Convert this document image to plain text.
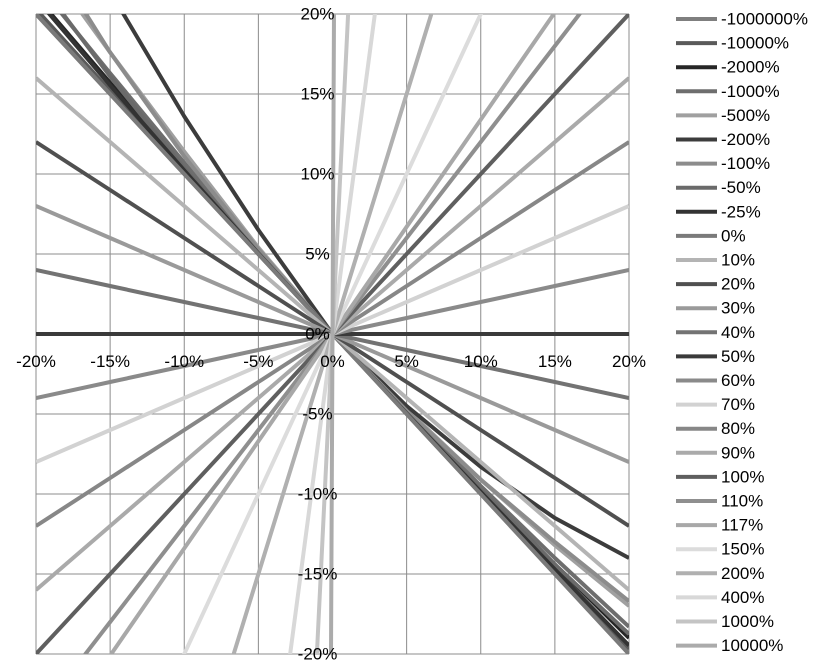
-20% -15% -10% -5%	0%	5%	10% 15% 20%
-20%
-15%
-10%
-5%
0%
5%
10%
15%
20%	-1000000%
-10000%
-2000%
-1000%
-500%
-200%
-100%
-50%
-25%
0%
10%
20%
30%
40%
50%
60%
70%
80%
90%
100%
110%
117%
150%
200%
400%
1000%
10000%
